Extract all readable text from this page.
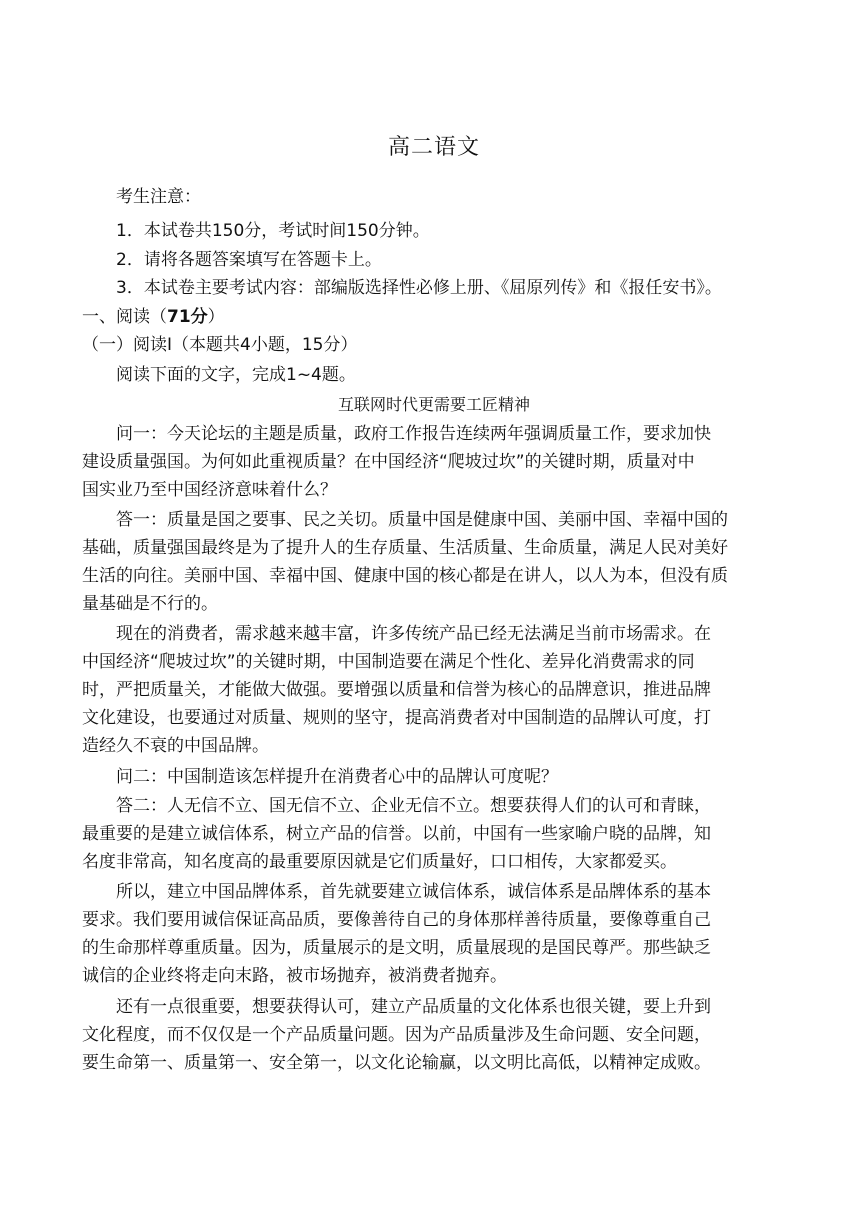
高二语文
考生注意：
1．本试卷共150分，考试时间150分钟。
2．请将各题答案填写在答题卡上。
3．本试卷主要考试内容：部编版选择性必修上册、《屈原列传》和《报任安书》。
一、阅读（71分）
（一）阅读I（本题共4小题，15分）
阅读下面的文字，完成1~4题。
互联网时代更需要工匠精神
问一：今天论坛的主题是质量，政府工作报告连续两年强调质量工作，要求加快
建设质量强国。为何如此重视质量？在中国经济“爬坡过坎”的关键时期，质量对中
国实业乃至中国经济意味着什么？
答一：质量是国之要事、民之关切。质量中国是健康中国、美丽中国、幸福中国的
基础，质量强国最终是为了提升人的生存质量、生活质量、生命质量，满足人民对美好
生活的向往。美丽中国、幸福中国、健康中国的核心都是在讲人，以人为本，但没有质
量基础是不行的。
现在的消费者，需求越来越丰富，许多传统产品已经无法满足当前市场需求。在
中国经济“爬坡过坎”的关键时期，中国制造要在满足个性化、差异化消费需求的同
时，严把质量关，才能做大做强。要增强以质量和信誉为核心的品牌意识，推进品牌
文化建设，也要通过对质量、规则的坚守，提高消费者对中国制造的品牌认可度，打
造经久不衰的中国品牌。
问二：中国制造该怎样提升在消费者心中的品牌认可度呢？
答二：人无信不立、国无信不立、企业无信不立。想要获得人们的认可和青睐，
最重要的是建立诚信体系，树立产品的信誉。以前，中国有一些家喻户晓的品牌，知
名度非常高，知名度高的最重要原因就是它们质量好，口口相传，大家都爱买。
所以，建立中国品牌体系，首先就要建立诚信体系，诚信体系是品牌体系的基本
要求。我们要用诚信保证高品质，要像善待自己的身体那样善待质量，要像尊重自己
的生命那样尊重质量。因为，质量展示的是文明，质量展现的是国民尊严。那些缺乏
诚信的企业终将走向末路，被市场抛弃，被消费者抛弃。
还有一点很重要，想要获得认可，建立产品质量的文化体系也很关键，要上升到
文化程度，而不仅仅是一个产品质量问题。因为产品质量涉及生命问题、安全问题，
要生命第一、质量第一、安全第一，以文化论输赢，以文明比高低，以精神定成败。
